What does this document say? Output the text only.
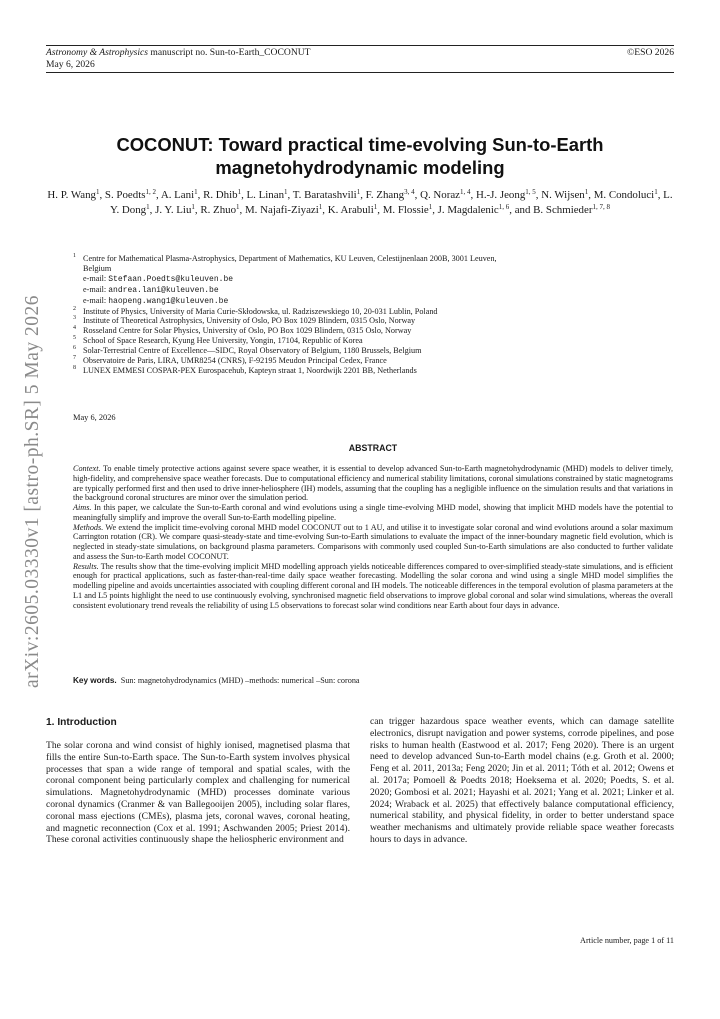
Astronomy & Astrophysics manuscript no. Sun-to-Earth_COCONUT
May 6, 2026
©ESO 2026
arXiv:2605.03330v1 [astro-ph.SR] 5 May 2026
COCONUT: Toward practical time-evolving Sun-to-Earth
magnetohydrodynamic modeling
H. P. Wang$^1$, S. Poedts$^{1, 2}$, A. Lani$^1$, R. Dhib$^1$, L. Linan$^1$, T. Baratashvili$^1$, F. Zhang$^{3, 4}$, Q. Noraz$^{1, 4}$, H.-J. Jeong$^{1, 5}$, N. Wijsen$^1$, M. Condoluci$^1$, L. Y. Dong$^1$, J. Y. Liu$^1$, R. Zhuo$^1$, M. Najafi-Ziyazi$^1$, K. Arabuli$^1$, M. Flossie$^1$, J. Magdalenic$^{1, 6}$, and B. Schmieder$^{1, 7, 8}$
1 Centre for Mathematical Plasma-Astrophysics, Department of Mathematics, KU Leuven, Celestijnenlaan 200B, 3001 Leuven,
Belgium
e-mail: Stefaan.Poedts@kuleuven.be
e-mail: andrea.lani@kuleuven.be
e-mail: haopeng.wang1@kuleuven.be
2 Institute of Physics, University of Maria Curie-Skłodowska, ul. Radziszewskiego 10, 20-031 Lublin, Poland
3 Institute of Theoretical Astrophysics, University of Oslo, PO Box 1029 Blindern, 0315 Oslo, Norway
4 Rosseland Centre for Solar Physics, University of Oslo, PO Box 1029 Blindern, 0315 Oslo, Norway
5 School of Space Research, Kyung Hee University, Yongin, 17104, Republic of Korea
6 Solar-Terrestrial Centre of Excellence—SIDC, Royal Observatory of Belgium, 1180 Brussels, Belgium
7 Observatoire de Paris, LIRA, UMR8254 (CNRS), F-92195 Meudon Principal Cedex, France
8 LUNEX EMMESI COSPAR-PEX Eurospacehub, Kapteyn straat 1, Noordwijk 2201 BB, Netherlands
May 6, 2026
ABSTRACT

Context. To enable timely protective actions against severe space weather, it is essential to develop advanced Sun-to-Earth magnetohydrodynamic (MHD) models to deliver timely, high-fidelity, and comprehensive space weather forecasts. Due to computational efficiency and numerical stability limitations, coronal simulations constrained by static magnetograms are typically performed first and then used to drive inner-heliosphere (IH) models, assuming that the coupling has a negligible influence on the simulation results and that variations in the background coronal structures are minor over the simulation period.

Aims. In this paper, we calculate the Sun-to-Earth coronal and wind evolutions using a single time-evolving MHD model, showing that implicit MHD models have the potential to meaningfully simplify and improve the overall Sun-to-Earth modelling pipeline.

Methods. We extend the implicit time-evolving coronal MHD model COCONUT out to 1 AU, and utilise it to investigate solar coronal and wind evolutions around a solar maximum Carrington rotation (CR). We compare quasi-steady-state and time-evolving Sun-to-Earth simulations to evaluate the impact of the inner-boundary magnetic field evolution, which is neglected in steady-state simulations, on background plasma parameters. Comparisons with commonly used coupled Sun-to-Earth simulations are also conducted to further validate and assess the Sun-to-Earth model COCONUT.

Results. The results show that the time-evolving implicit MHD modelling approach yields noticeable differences compared to over-simplified steady-state simulations, and is efficient enough for practical applications, such as faster-than-real-time daily space weather forecasting. Modelling the solar corona and wind using a single MHD model simplifies the modelling pipeline and avoids uncertainties associated with coupling different coronal and IH models. The noticeable differences in the temporal evolution of plasma parameters at the L1 and L5 points highlight the need to use continuously evolving, synchronised magnetic field observations to improve global coronal and solar wind simulations, whereas the overall consistent evolutionary trend reveals the reliability of using L5 observations to forecast solar wind conditions near Earth about four days in advance.

Key words. Sun: magnetohydrodynamics (MHD) –methods: numerical –Sun: corona
1. Introduction
The solar corona and wind consist of highly ionised, magnetised plasma that fills the entire Sun-to-Earth space. The Sun-to-Earth system involves physical processes that span a wide range of temporal and spatial scales, with the coronal component being particularly complex and challenging for numerical simulations. Magnetohydrodynamic (MHD) processes dominate various coronal dynamics (Cranmer & van Ballegooijen 2005), including solar flares, coronal mass ejections (CMEs), plasma jets, coronal waves, coronal heating, and magnetic reconnection (Cox et al. 1991; Aschwanden 2005; Priest 2014). These coronal activities continuously shape the heliospheric environment and
can trigger hazardous space weather events, which can damage satellite electronics, disrupt navigation and power systems, corrode pipelines, and pose risks to human health (Eastwood et al. 2017; Feng 2020). There is an urgent need to develop advanced Sun-to-Earth model chains (e.g. Groth et al. 2000; Feng et al. 2011, 2013a; Feng 2020; Jin et al. 2011; Tóth et al. 2012; Owens et al. 2017a; Pomoell & Poedts 2018; Hoeksema et al. 2020; Poedts, S. et al. 2020; Gombosi et al. 2021; Hayashi et al. 2021; Yang et al. 2021; Linker et al. 2024; Wraback et al. 2025) that effectively balance computational efficiency, numerical stability, and physical fidelity, in order to better understand space weather mechanisms and ultimately provide reliable space weather forecasts hours to days in advance.
Article number, page 1 of 11
